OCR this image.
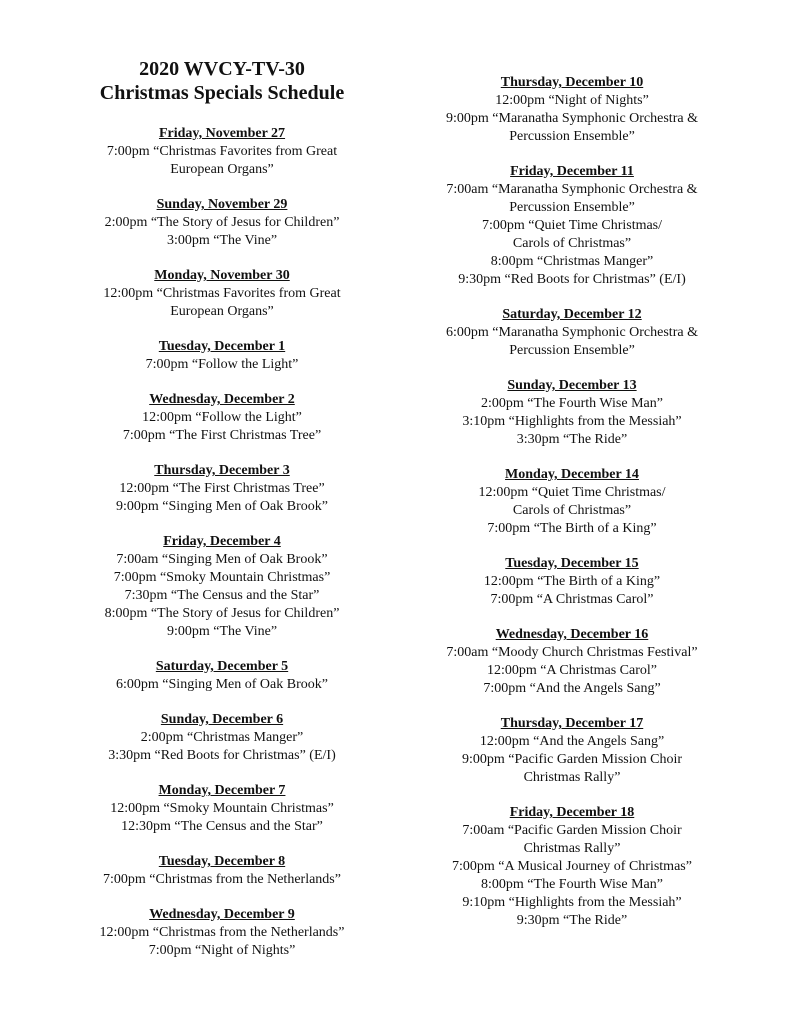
2020 WVCY-TV-30
Christmas Specials Schedule
Friday, November 27
7:00pm “Christmas Favorites from Great
European Organs”
Sunday, November 29
2:00pm “The Story of Jesus for Children”
3:00pm “The Vine”
Monday, November 30
12:00pm “Christmas Favorites from Great
European Organs”
Tuesday, December 1
7:00pm “Follow the Light”
Wednesday, December 2
12:00pm “Follow the Light”
7:00pm “The First Christmas Tree”
Thursday, December 3
12:00pm “The First Christmas Tree”
9:00pm “Singing Men of Oak Brook”
Friday, December 4
7:00am “Singing Men of Oak Brook”
7:00pm “Smoky Mountain Christmas”
7:30pm “The Census and the Star”
8:00pm “The Story of Jesus for Children”
9:00pm “The Vine”
Saturday, December 5
6:00pm “Singing Men of Oak Brook”
Sunday, December 6
2:00pm “Christmas Manger”
3:30pm “Red Boots for Christmas” (E/I)
Monday, December 7
12:00pm “Smoky Mountain Christmas”
12:30pm “The Census and the Star”
Tuesday, December 8
7:00pm “Christmas from the Netherlands”
Wednesday, December 9
12:00pm “Christmas from the Netherlands”
7:00pm “Night of Nights”
Thursday, December 10
12:00pm “Night of Nights”
9:00pm “Maranatha Symphonic Orchestra &
Percussion Ensemble”
Friday, December 11
7:00am “Maranatha Symphonic Orchestra &
Percussion Ensemble”
7:00pm “Quiet Time Christmas/
Carols of Christmas”
8:00pm “Christmas Manger”
9:30pm “Red Boots for Christmas” (E/I)
Saturday, December 12
6:00pm “Maranatha Symphonic Orchestra &
Percussion Ensemble”
Sunday, December 13
2:00pm “The Fourth Wise Man”
3:10pm “Highlights from the Messiah”
3:30pm “The Ride”
Monday, December 14
12:00pm “Quiet Time Christmas/
Carols of Christmas”
7:00pm “The Birth of a King”
Tuesday, December 15
12:00pm “The Birth of a King”
7:00pm “A Christmas Carol”
Wednesday, December 16
7:00am “Moody Church Christmas Festival”
12:00pm “A Christmas Carol”
7:00pm “And the Angels Sang”
Thursday, December 17
12:00pm “And the Angels Sang”
9:00pm “Pacific Garden Mission Choir
Christmas Rally”
Friday, December 18
7:00am “Pacific Garden Mission Choir
Christmas Rally”
7:00pm “A Musical Journey of Christmas”
8:00pm “The Fourth Wise Man”
9:10pm “Highlights from the Messiah”
9:30pm “The Ride”
